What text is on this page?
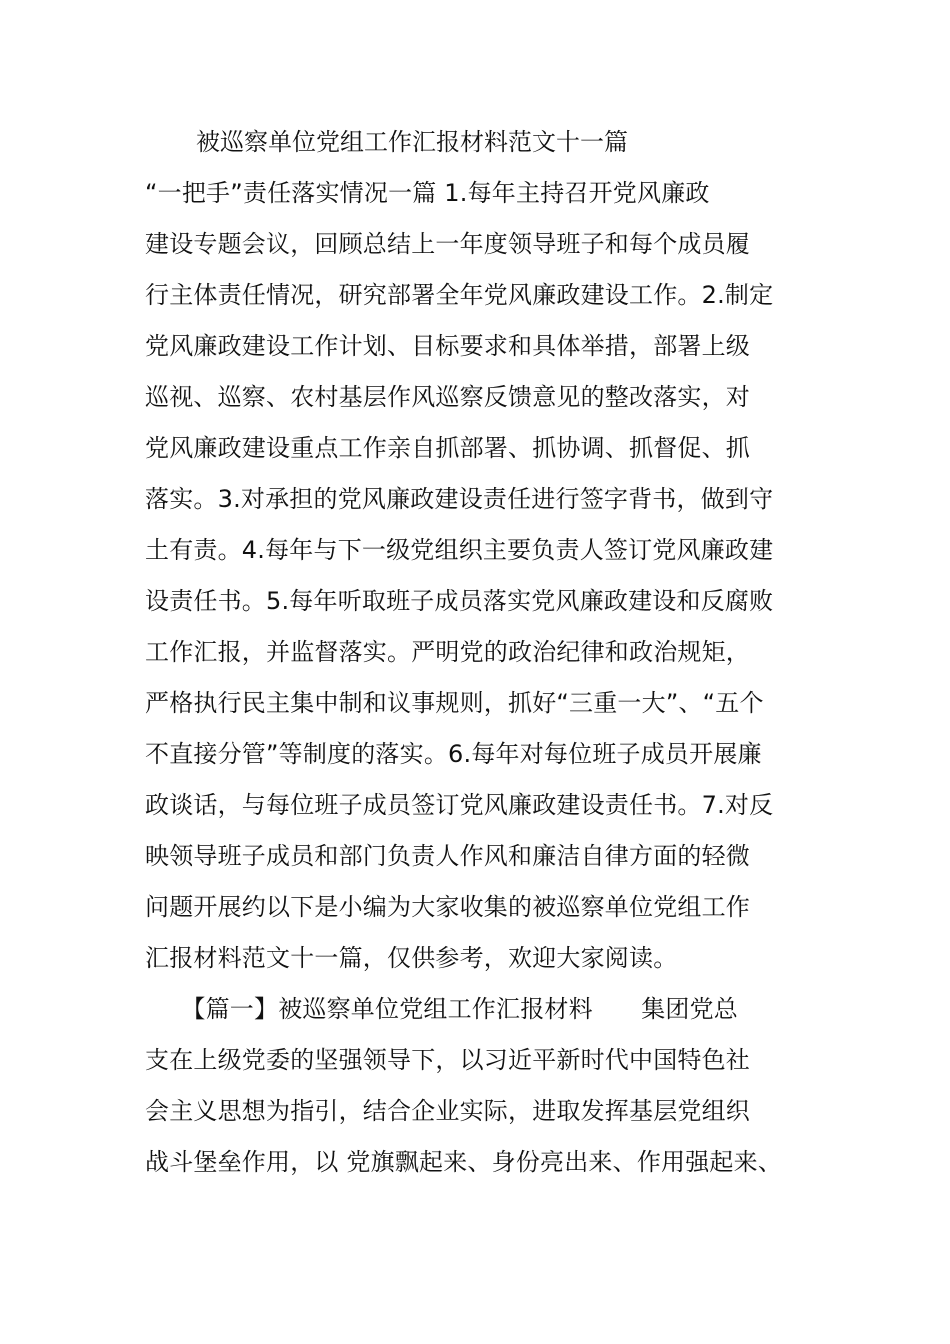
被巡察单位党组工作汇报材料范文十一篇
“一把手”责任落实情况一篇 1.每年主持召开党风廉政
建设专题会议，回顾总结上一年度领导班子和每个成员履
行主体责任情况，研究部署全年党风廉政建设工作。2.制定
党风廉政建设工作计划、目标要求和具体举措，部署上级
巡视、巡察、农村基层作风巡察反馈意见的整改落实，对
党风廉政建设重点工作亲自抓部署、抓协调、抓督促、抓
落实。3.对承担的党风廉政建设责任进行签字背书，做到守
土有责。4.每年与下一级党组织主要负责人签订党风廉政建
设责任书。5.每年听取班子成员落实党风廉政建设和反腐败
工作汇报，并监督落实。严明党的政治纪律和政治规矩，
严格执行民主集中制和议事规则，抓好“三重一大”、“五个
不直接分管”等制度的落实。6.每年对每位班子成员开展廉
政谈话，与每位班子成员签订党风廉政建设责任书。7.对反
映领导班子成员和部门负责人作风和廉洁自律方面的轻微
问题开展约以下是小编为大家收集的被巡察单位党组工作
汇报材料范文十一篇，仅供参考，欢迎大家阅读。
　　【篇一】被巡察单位党组工作汇报材料　　集团党总
支在上级党委的坚强领导下，以习近平新时代中国特色社
会主义思想为指引，结合企业实际，进取发挥基层党组织
战斗堡垒作用，以 党旗飘起来、身份亮出来、作用强起来、
